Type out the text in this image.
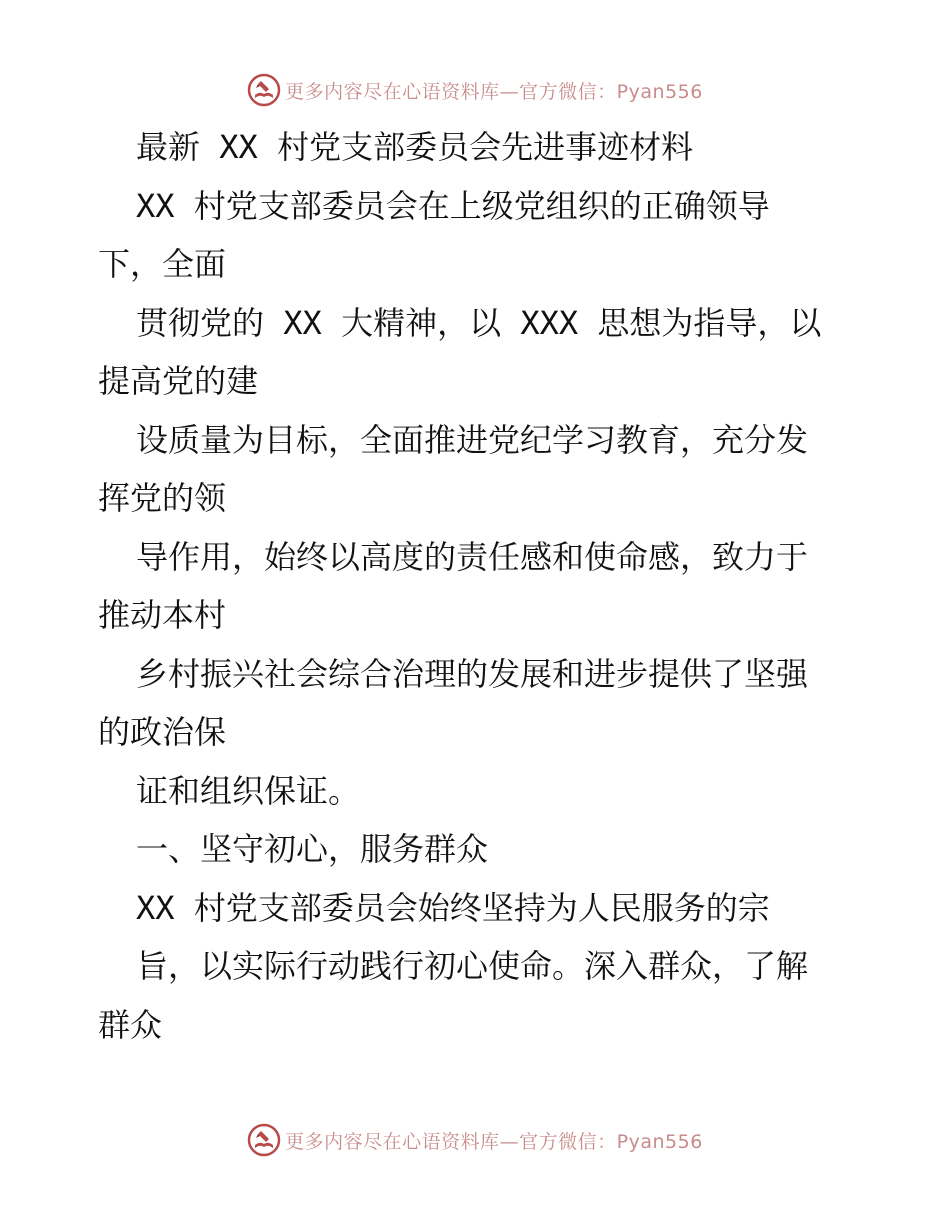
更多内容尽在心语资料库—官方微信：Pyan556
最新 XX 村党支部委员会先进事迹材料
XX 村党支部委员会在上级党组织的正确领导
下，全面
贯彻党的 XX 大精神，以 XXX 思想为指导，以
提高党的建
设质量为目标，全面推进党纪学习教育，充分发
挥党的领
导作用，始终以高度的责任感和使命感，致力于
推动本村
乡村振兴社会综合治理的发展和进步提供了坚强
的政治保
证和组织保证。
一、坚守初心，服务群众
XX 村党支部委员会始终坚持为人民服务的宗
旨，以实际行动践行初心使命。深入群众，了解
群众
更多内容尽在心语资料库—官方微信：Pyan556
